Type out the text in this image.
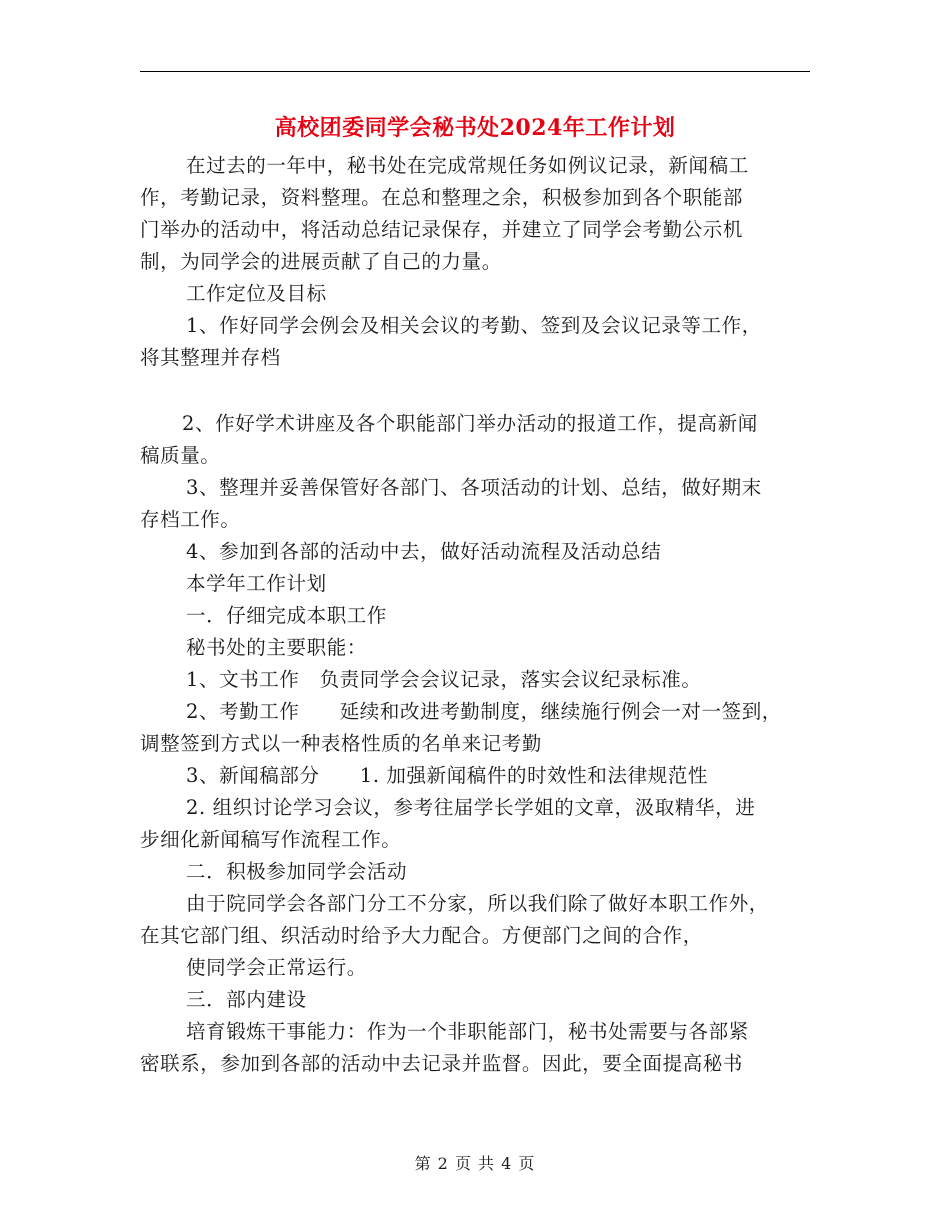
高校团委同学会秘书处2024年工作计划
在过去的一年中，秘书处在完成常规任务如例议记录，新闻稿工
作，考勤记录，资料整理。在总和整理之余，积极参加到各个职能部
门举办的活动中，将活动总结记录保存，并建立了同学会考勤公示机
制，为同学会的进展贡献了自己的力量。
工作定位及目标
1、作好同学会例会及相关会议的考勤、签到及会议记录等工作，
将其整理并存档
2、作好学术讲座及各个职能部门举办活动的报道工作，提高新闻
稿质量。
3、整理并妥善保管好各部门、各项活动的计划、总结，做好期末
存档工作。
4、参加到各部的活动中去，做好活动流程及活动总结
本学年工作计划
一．仔细完成本职工作
秘书处的主要职能：
1、文书工作　负责同学会会议记录，落实会议纪录标准。
2、考勤工作　　延续和改进考勤制度，继续施行例会一对一签到，
调整签到方式以一种表格性质的名单来记考勤
3、新闻稿部分　　1. 加强新闻稿件的时效性和法律规范性
2. 组织讨论学习会议，参考往届学长学姐的文章，汲取精华，进
步细化新闻稿写作流程工作。
二．积极参加同学会活动
由于院同学会各部门分工不分家，所以我们除了做好本职工作外，
在其它部门组、织活动时给予大力配合。方便部门之间的合作，
使同学会正常运行。
三．部内建设
培育锻炼干事能力：作为一个非职能部门，秘书处需要与各部紧
密联系，参加到各部的活动中去记录并监督。因此，要全面提高秘书
第 2 页 共 4 页
